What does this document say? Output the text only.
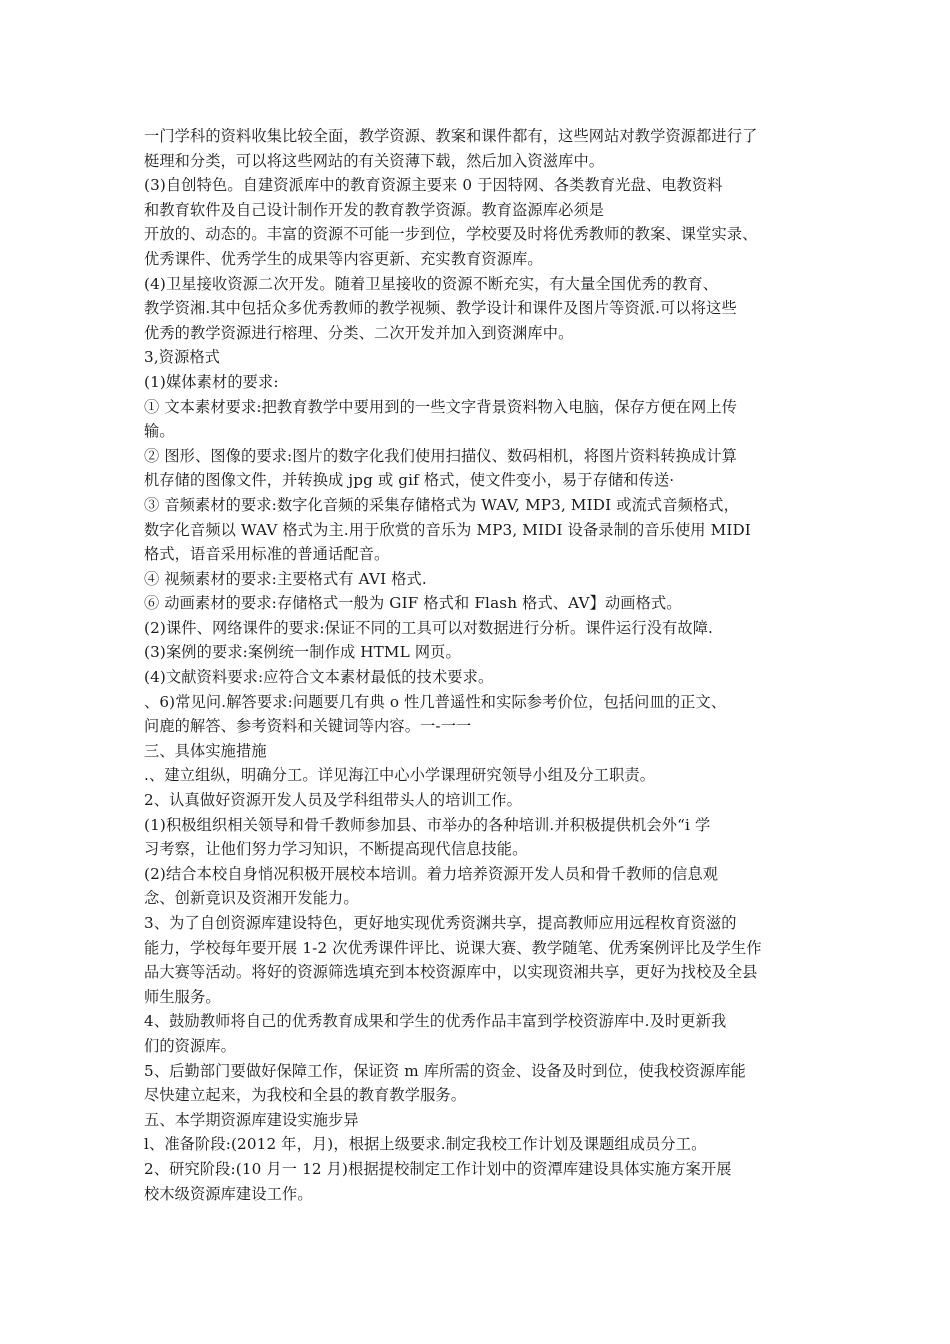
一门学科的资料收集比较全面，教学资源、教案和课件都有，这些网站对教学资源都进行了
梃理和分类，可以将这些网站的有关资薄下载，然后加入资滋库中。
(3)自创特色。自建资派库中的教育资源主要来 0 于因特网、各类教育光盘、电教资料
和教育软件及自己设计制作开发的教育教学资源。教育盗源库必须是
开放的、动态的。丰富的资源不可能一步到位，学校要及时将优秀教师的教案、课堂实录、
优秀课件、优秀学生的成果等内容更新、充实教育资源库。
(4)卫星接收资源二次开发。随着卫星接收的资源不断充实，有大量全国优秀的教育、
教学资湘.其中包括众多优秀教师的教学视频、教学设计和课件及图片等资派.可以将这些
优秀的教学资源进行榕理、分类、二次开发并加入到资渊库中。
3,资源格式
(1)媒体素材的要求:
① 文本素材要求:把教育教学中要用到的一些文字背景资料物入电脑，保存方便在网上传
输。
② 图形、图像的要求:图片的数字化我们使用扫描仪、数码相机，将图片资料转换成计算
机存储的图像文件，并转换成 jpg 或 gif 格式，使文件变小，易于存储和传送·
③ 音频素材的要求:数字化音频的采集存储格式为 WAV, MP3, MIDI 或流式音频格式，
数字化音频以 WAV 格式为主.用于欣赏的音乐为 MP3, MIDI 设备录制的音乐使用 MIDI
格式，语音采用标准的普通话配音。
④ 视频素材的要求:主要格式有 AVI 格式.
⑥ 动画素材的要求:存储格式一般为 GIF 格式和 Flash 格式、AV】动画格式。
(2)课件、网络课件的要求:保证不同的工具可以对数据进行分析。课件运行没有故障.
(3)案例的要求:案例统一制作成 HTML 网页。
(4)文献资料要求:应符合文本素材最低的技术要求。
、6)常见问.解答要求:问题要几有典 o 性几普遥性和实际参考价位，包括问皿的正文、
问鹿的解答、参考资料和关键词等内容。一-一一
三、具体实施措施
.、建立组纵，明确分工。详见海江中心小学课理研究领导小组及分工职责。
2、认真做好资源开发人员及学科组带头人的培训工作。
(1)积极组织相关领导和骨千教师参加县、市举办的各种培训.并积极提供机会外“i 学
习考察，让他们努力学习知识，不断提高现代信息技能。
(2)结合本校自身悄况积极开展校本培训。着力培养资源开发人员和骨千教师的信息观
念、创新竟识及资湘开发能力。
3、为了自创资源库建设特色，更好地实现优秀资渊共享，提高教师应用远程枚育资滋的
能力，学校每年要开展 1-2 次优秀课件评比、说课大赛、教学随笔、优秀案例评比及学生作
品大赛等活动。将好的资源筛选填充到本校资源库中，以实现资湘共享，更好为找校及全县
师生服务。
4、鼓励教师将自己的优秀教育成果和学生的优秀作品丰富到学校资游库中.及时更新我
们的资源库。
5、后勤部门要做好保障工作，保证资 m 库所需的资金、设备及时到位，使我校资源库能
尽快建立起来，为我校和全县的教育教学服务。
五、本学期资源库建设实施步异
l、准备阶段:(2012 年，月)，根据上级要求.制定我校工作计划及课题组成员分工。
2、研究阶段:(10 月一 12 月)根据提校制定工作计划中的资潭库建设具体实施方案开展
校木级资源库建设工作。
